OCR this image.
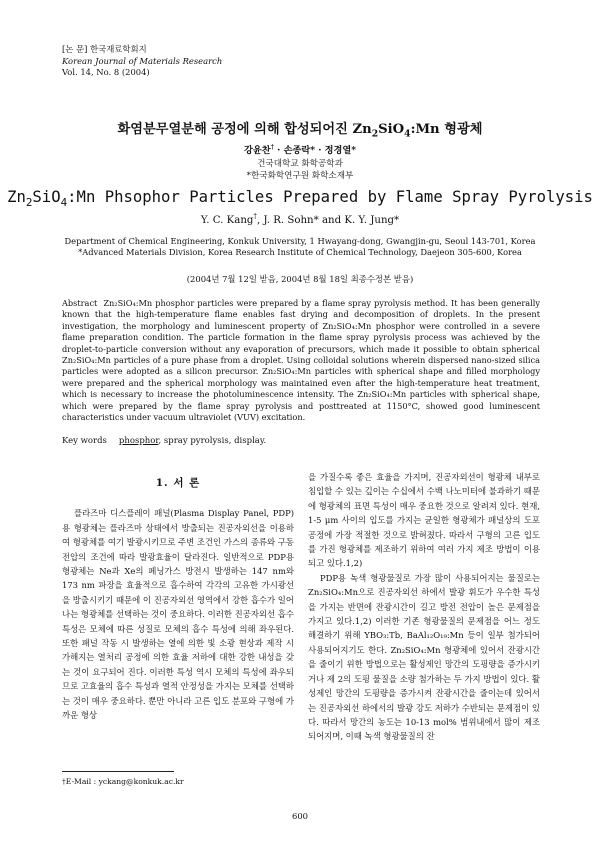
[논 문] 한국재료학회지
Korean Journal of Materials Research
Vol. 14, No. 8 (2004)
화염분무열분해 공정에 의해 합성되어진 $Zn_2SiO_4:Mn$ 형광체
강윤찬† · 손종락* · 정경열*
건국대학교 화학공학과
*한국화학연구원 화학소재부
$Zn_2SiO_4:Mn$ Phsophor Particles Prepared by Flame Spray Pyrolysis
Y. C. Kang†, J. R. Sohn* and K. Y. Jung*
Department of Chemical Engineering, Konkuk University, 1 Hwayang-dong, Gwangjin-gu, Seoul 143-701, Korea
*Advanced Materials Division, Korea Research Institute of Chemical Technology, Daejeon 305-600, Korea
(2004년 7월 12일 받음, 2004년 8월 18일 최종수정본 받음)
Abstract Zn₂SiO₄:Mn phosphor particles were prepared by a flame spray pyrolysis method. It has been generally known that the high-temperature flame enables fast drying and decomposition of droplets. In the present investigation, the morphology and luminescent property of Zn₂SiO₄:Mn phosphor were controlled in a severe flame preparation condition. The particle formation in the flame spray pyrolysis process was achieved by the droplet-to-particle conversion without any evaporation of precursors, which made it possible to obtain spherical Zn₂SiO₄:Mn particles of a pure phase from a droplet. Using colloidal solutions wherein dispersed nano-sized silica particles were adopted as a silicon precursor. Zn₂SiO₄:Mn particles with spherical shape and filled morphology were prepared and the spherical morphology was maintained even after the high-temperature heat treatment, which is necessary to increase the photoluminescence intensity. The Zn₂SiO₄:Mn particles with spherical shape, which were prepared by the flame spray pyrolysis and posttreated at 1150°C, showed good luminescent characteristics under vacuum ultraviolet (VUV) excitation.
Key words phosphor, spray pyrolysis, display.
1. 서 론

플라즈마 디스플레이 패널(Plasma Display Panel, PDP)용 형광체는 플라즈마 상태에서 방출되는 진공자외선을 이용하여 형광체를 여기 발광시키므로 주변 조건인 가스의 종류와 구동전압의 조건에 따라 발광효율이 달라진다. 일반적으로 PDP용 형광체는 Ne과 Xe의 페닝가스 방전시 발생하는 147 nm와 173 nm 파장을 효율적으로 흡수하여 각각의 고유한 가시광선을 방출시키기 때문에 이 진공자외선 영역에서 강한 흡수가 일어나는 형광체를 선택하는 것이 중요하다. 이러한 진공자외선 흡수 특성은 모체에 따른 성질로 모체의 흡수 특성에 의해 좌우된다. 또한 패널 작동 시 발생하는 열에 의한 빛 소광 현상과 제작 시 가해지는 열처리 공정에 의한 효율 저하에 대한 강한 내성을 갖는 것이 요구되어 진다. 이러한 특성 역시 모체의 특성에 좌우되므로 고효율의 흡수 특성과 열적 안정성을 가지는 모체를 선택하는 것이 매우 중요하다. 뿐만 아니라 고른 입도 분포와 구형에 가까운 형상

을 가질수록 좋은 효율을 가지며, 진공자외선이 형광체 내부로 침입할 수 있는 깊이는 수십에서 수백 나노미터에 불과하기 때문에 형광체의 표면 특성이 매우 중요한 것으로 알려져 있다. 현재, 1-5 μm 사이의 입도를 가지는 균일한 형광체가 패널상의 도포공정에 가장 적절한 것으로 밝혀졌다. 따라서 구형의 고른 입도를 가진 형광체를 제조하기 위하여 여러 가지 제조 방법이 이용되고 있다.1,2)

PDP용 녹색 형광물질로 가장 많이 사용되어지는 물질로는 Zn₂SiO₄:Mn으로 진공자외선 하에서 발광 휘도가 우수한 특성을 가지는 반면에 잔광시간이 길고 방전 전압이 높은 문제점을 가지고 있다.1,2) 이러한 기존 형광물질의 문제점을 어느 정도 해결하기 위해 YBO₃:Tb, BaAl₁₂O₁₉:Mn 등이 일부 첨가되어 사용되어지기도 한다. Zn₂SiO₄:Mn 형광체에 있어서 잔광시간을 줄이기 위한 방법으로는 활성제인 망간의 도핑량을 증가시키거나 제 2의 도핑 물질을 소량 첨가하는 두 가지 방법이 있다. 활성제인 망간의 도핑량을 증가시켜 잔광시간을 줄이는데 있어서는 진공자외선 하에서의 발광 강도 저하가 수반되는 문제점이 있다. 따라서 망간의 농도는 10-13 mol% 범위내에서 많이 제조되어지며, 이때 녹색 형광물질의 잔

†E-Mail : yckang@konkuk.ac.kr
600
